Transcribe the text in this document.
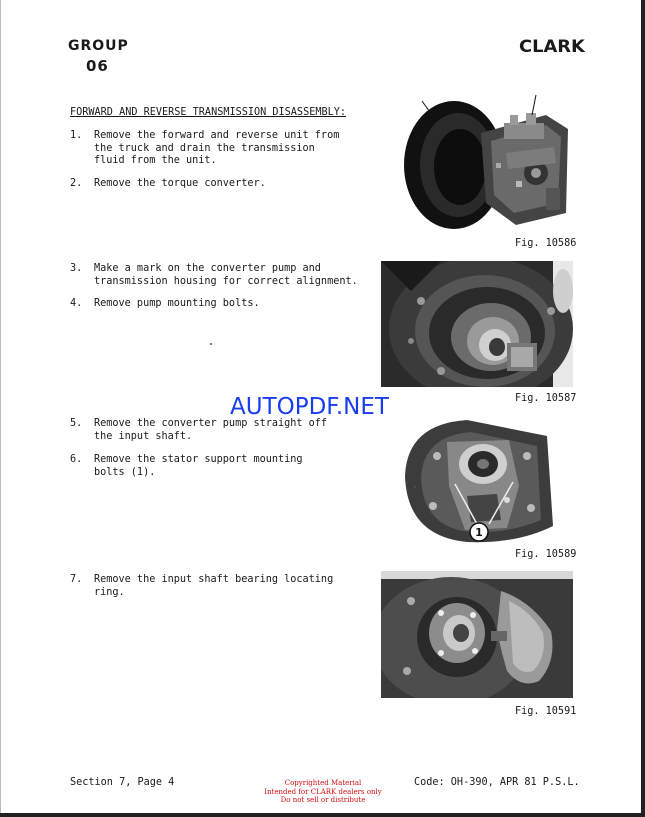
GROUP
06
CLARK
FORWARD AND REVERSE TRANSMISSION DISASSEMBLY:
1. Remove the forward and reverse unit from
the truck and drain the transmission
fluid from the unit.
2. Remove the torque converter.
3. Make a mark on the converter pump and
transmission housing for correct alignment.
4. Remove pump mounting bolts.
5. Remove the converter pump straight off
the input shaft.
6. Remove the stator support mounting
bolts (1).
7. Remove the input shaft bearing locating
ring.
Fig. 10586
Fig. 10587
1
Fig. 10589
Fig. 10591
AUTOPDF.NET
Section 7, Page 4	Copyrighted Material
Intended for CLARK dealers only
Do not sell or distribute
Code: OH-390, APR 81 P.S.L.
